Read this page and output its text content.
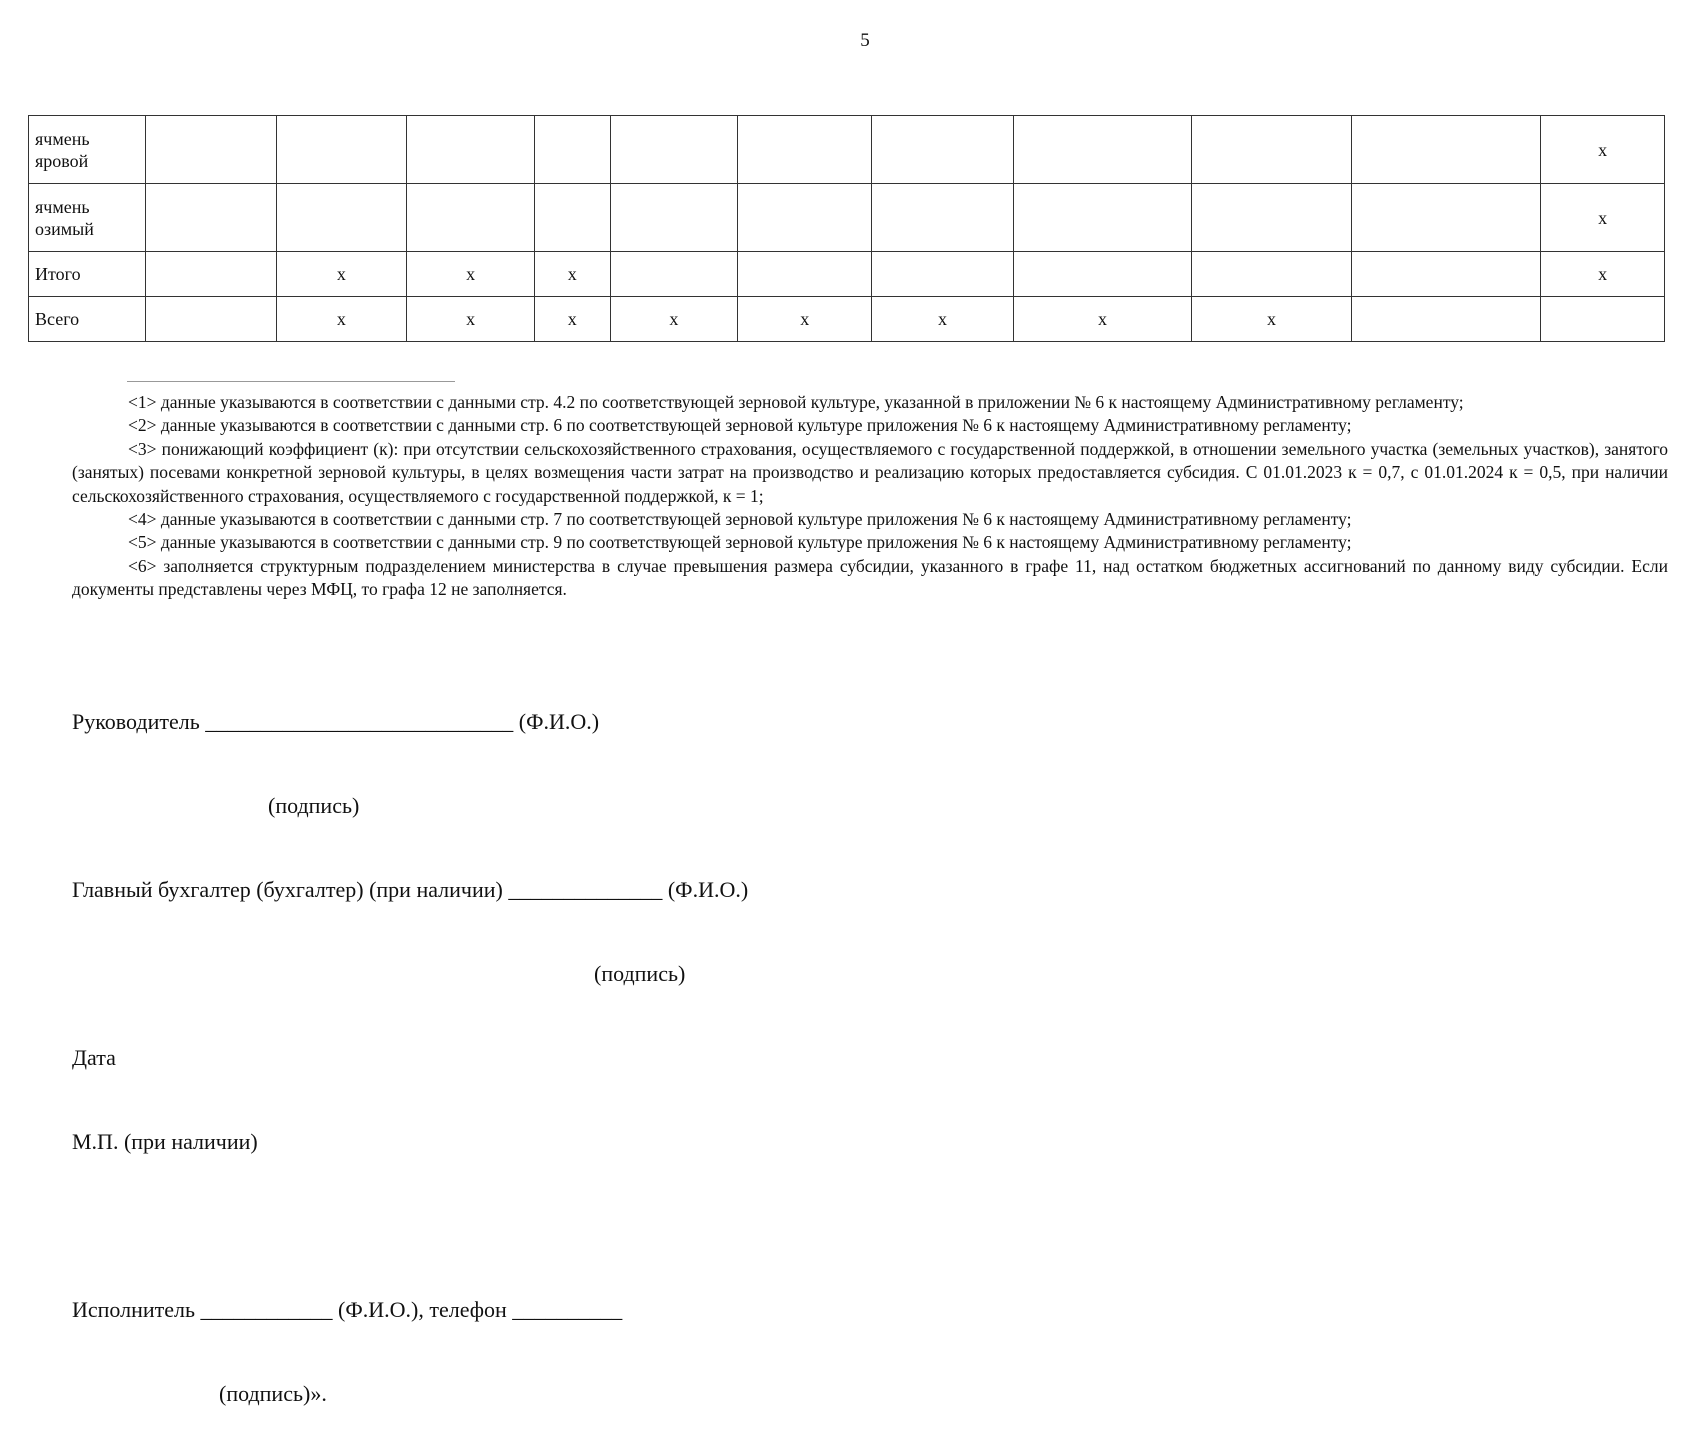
5
ячмень
яровой											х
ячмень
озимый											х
Итого		х	х	х							х
Всего		х	х	х	х	х	х	х	х		

<1> данные указываются в соответствии с данными стр. 4.2 по соответствующей зерновой культуре, указанной в приложении № 6 к настоящему Административному регламенту;

<2> данные указываются в соответствии с данными стр. 6 по соответствующей зерновой культуре приложения № 6 к настоящему Административному регламенту;

<3> понижающий коэффициент (к): при отсутствии сельскохозяйственного страхования, осуществляемого с государственной поддержкой, в отношении земельного участка (земельных участков), занятого (занятых) посевами конкретной зерновой культуры, в целях возмещения части затрат на производство и реализацию которых предоставляется субсидия. С 01.01.2023 к = 0,7, с 01.01.2024 к = 0,5, при наличии сельскохозяйственного страхования, осуществляемого с государственной поддержкой, к = 1;

<4> данные указываются в соответствии с данными стр. 7 по соответствующей зерновой культуре приложения № 6 к настоящему Административному регламенту;

<5> данные указываются в соответствии с данными стр. 9 по соответствующей зерновой культуре приложения № 6 к настоящему Административному регламенту;

<6> заполняется структурным подразделением министерства в случае превышения размера субсидии, указанного в графе 11, над остатком бюджетных ассигнований по данному виду субсидии. Если документы представлены через МФЦ, то графа 12 не заполняется.

Руководитель ____________________________ (Ф.И.О.)

(подпись)

Главный бухгалтер (бухгалтер) (при наличии) ______________ (Ф.И.О.)

(подпись)

Дата

М.П. (при наличии)

Исполнитель ____________ (Ф.И.О.), телефон __________

(подпись)».
